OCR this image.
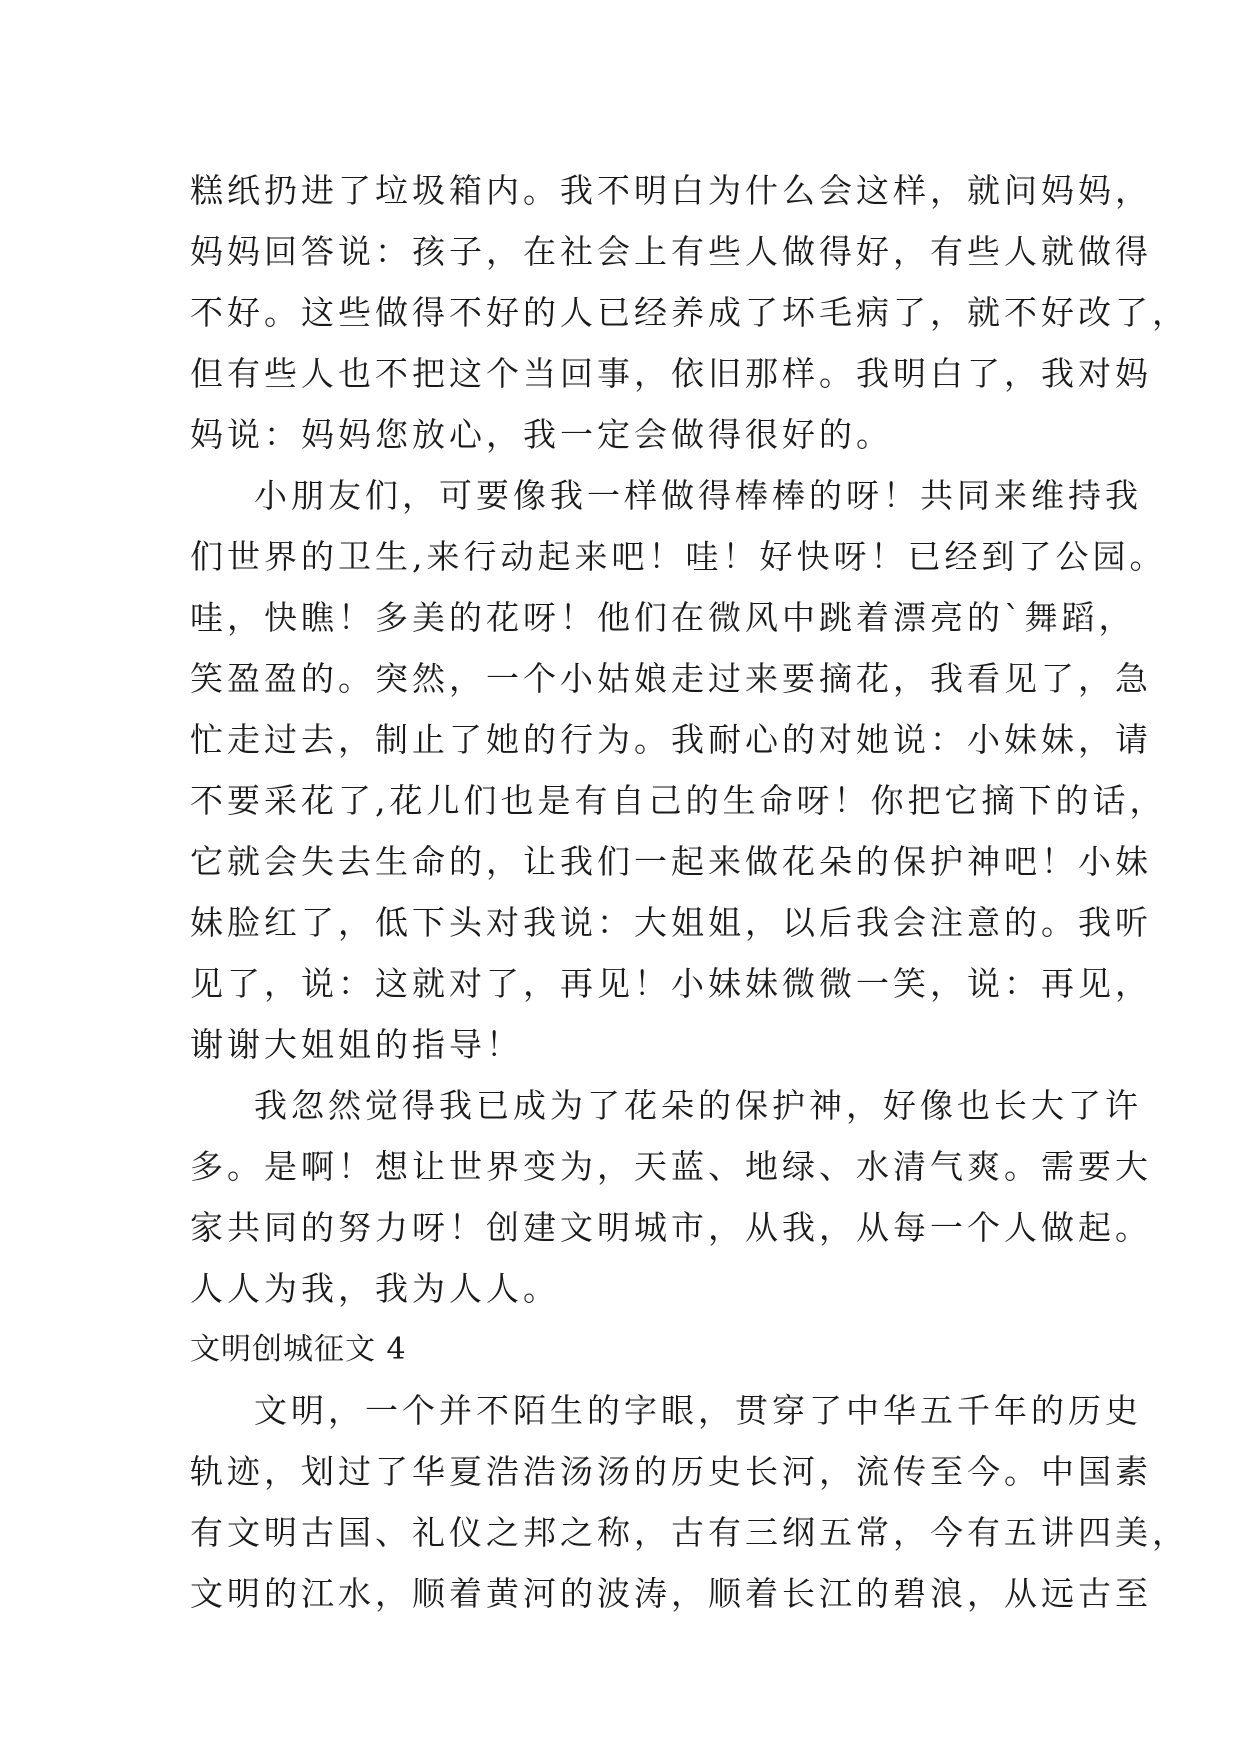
糕纸扔进了垃圾箱内。我不明白为什么会这样，就问妈妈，
妈妈回答说：孩子，在社会上有些人做得好，有些人就做得
不好。这些做得不好的人已经养成了坏毛病了，就不好改了，
但有些人也不把这个当回事，依旧那样。我明白了，我对妈
妈说：妈妈您放心，我一定会做得很好的。
小朋友们，可要像我一样做得棒棒的呀！共同来维持我
们世界的卫生,来行动起来吧！哇！好快呀！已经到了公园。
哇，快瞧！多美的花呀！他们在微风中跳着漂亮的`舞蹈，
笑盈盈的。突然，一个小姑娘走过来要摘花，我看见了，急
忙走过去，制止了她的行为。我耐心的对她说：小妹妹，请
不要采花了,花儿们也是有自己的生命呀！你把它摘下的话，
它就会失去生命的，让我们一起来做花朵的保护神吧！小妹
妹脸红了，低下头对我说：大姐姐，以后我会注意的。我听
见了，说：这就对了，再见！小妹妹微微一笑，说：再见，
谢谢大姐姐的指导！
我忽然觉得我已成为了花朵的保护神，好像也长大了许
多。是啊！想让世界变为，天蓝、地绿、水清气爽。需要大
家共同的努力呀！创建文明城市，从我，从每一个人做起。
人人为我，我为人人。
文明创城征文 4
文明，一个并不陌生的字眼，贯穿了中华五千年的历史
轨迹，划过了华夏浩浩汤汤的历史长河，流传至今。中国素
有文明古国、礼仪之邦之称，古有三纲五常，今有五讲四美，
文明的江水，顺着黄河的波涛，顺着长江的碧浪，从远古至
